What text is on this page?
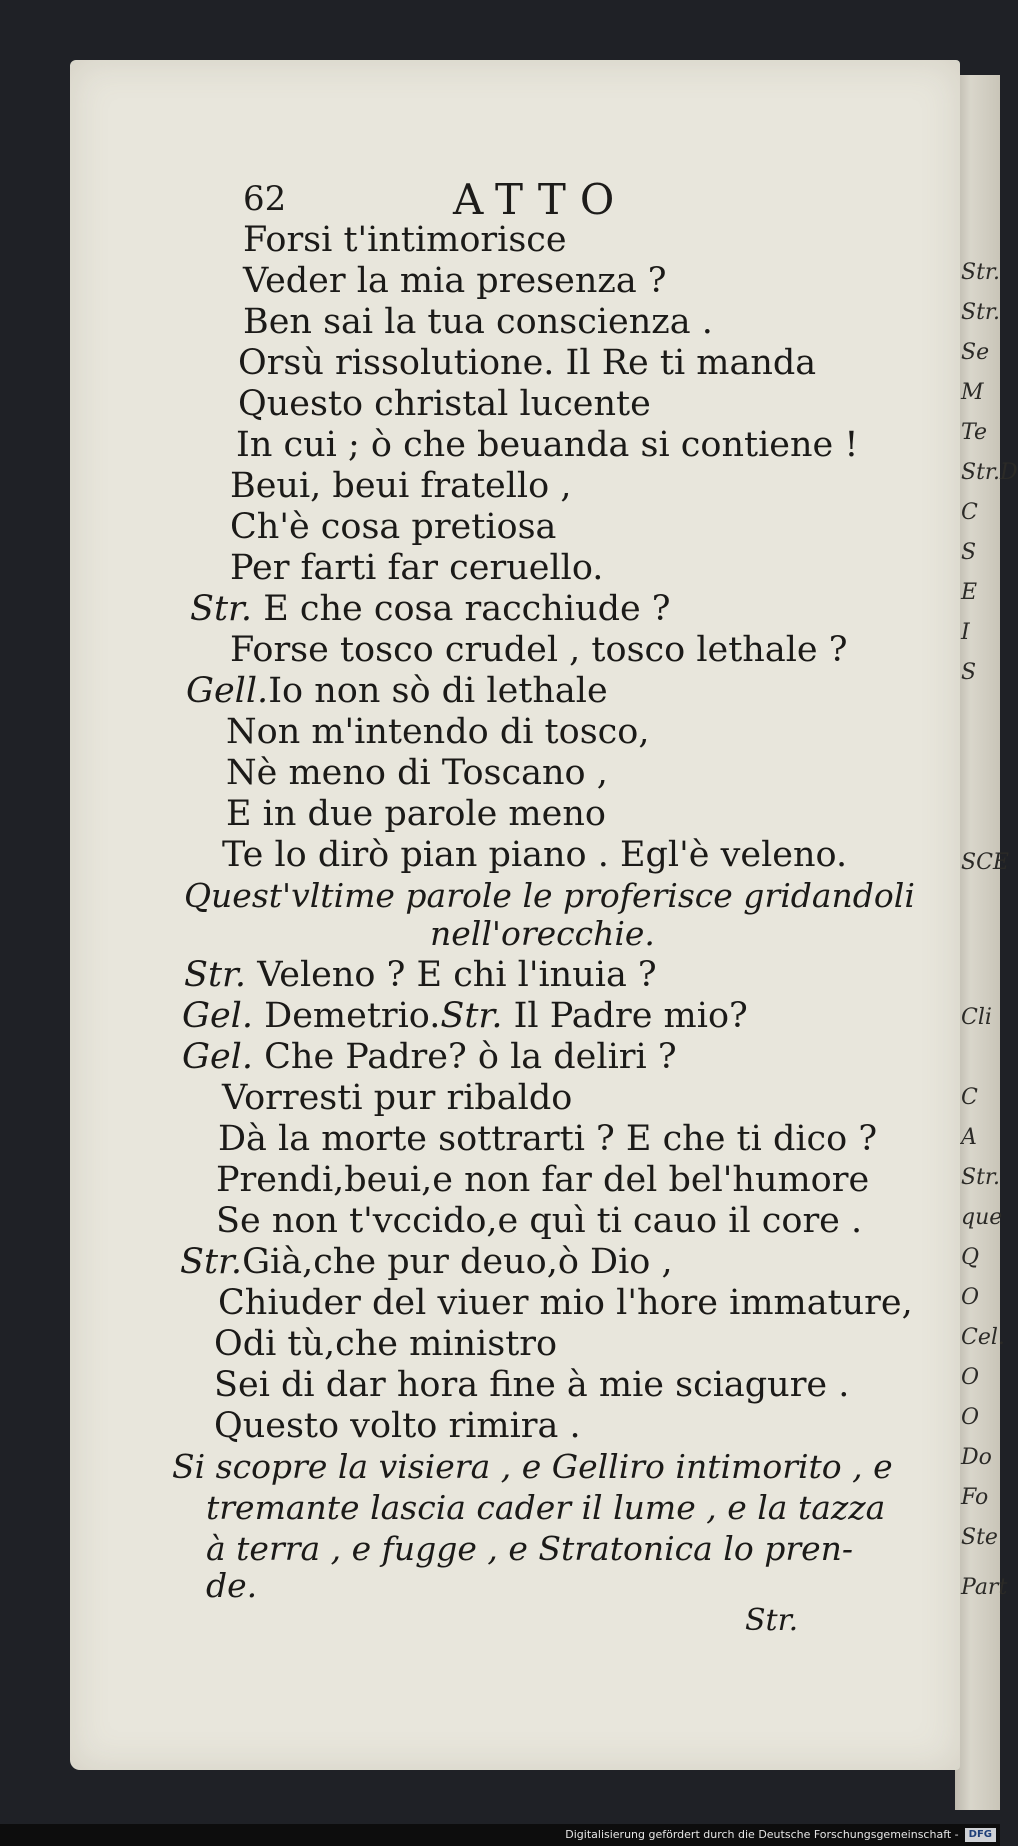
Str.
Str.
Se
M
Te
Str.D
C
S
E
I
S
SCE
Cli
C
A
Str.
que
Q
O
Cel.
O
O
Do
Fo
Ste
Part
62	ATTO
Forsi t'intimorisce
Veder la mia presenza ?
Ben sai la tua conscienza .
Orsù rissolutione. Il Re ti manda
Questo christal lucente
In cui ; ò che beuanda si contiene !
Beui, beui fratello ,
Ch'è cosa pretiosa
Per farti far ceruello.
Str. E che cosa racchiude ?
Forse tosco crudel , tosco lethale ?
Gell.Io non sò di lethale
Non m'intendo di tosco,
Nè meno di Toscano ,
E in due parole meno
Te lo dirò pian piano . Egl'è veleno.
Quest'vltime parole le proferisce gridandoli
nell'orecchie.
Str. Veleno ? E chi l'inuia ?
Gel. Demetrio.Str. Il Padre mio?
Gel. Che Padre? ò la deliri ?
Vorresti pur ribaldo
Dà la morte sottrarti ? E che ti dico ?
Prendi,beui,e non far del bel'humore
Se non t'vccido,e quì ti cauo il core .
Str.Già,che pur deuo,ò Dio ,
Chiuder del viuer mio l'hore immature,
Odi tù,che ministro
Sei di dar hora fine à mie sciagure .
Questo volto rimira .
Si scopre la visiera , e Gelliro intimorito , e
tremante lascia cader il lume , e la tazza
à terra , e fugge , e Stratonica lo pren-
de.
Str.
Digitalisierung gefördert durch die Deutsche Forschungsgemeinschaft - DFG
